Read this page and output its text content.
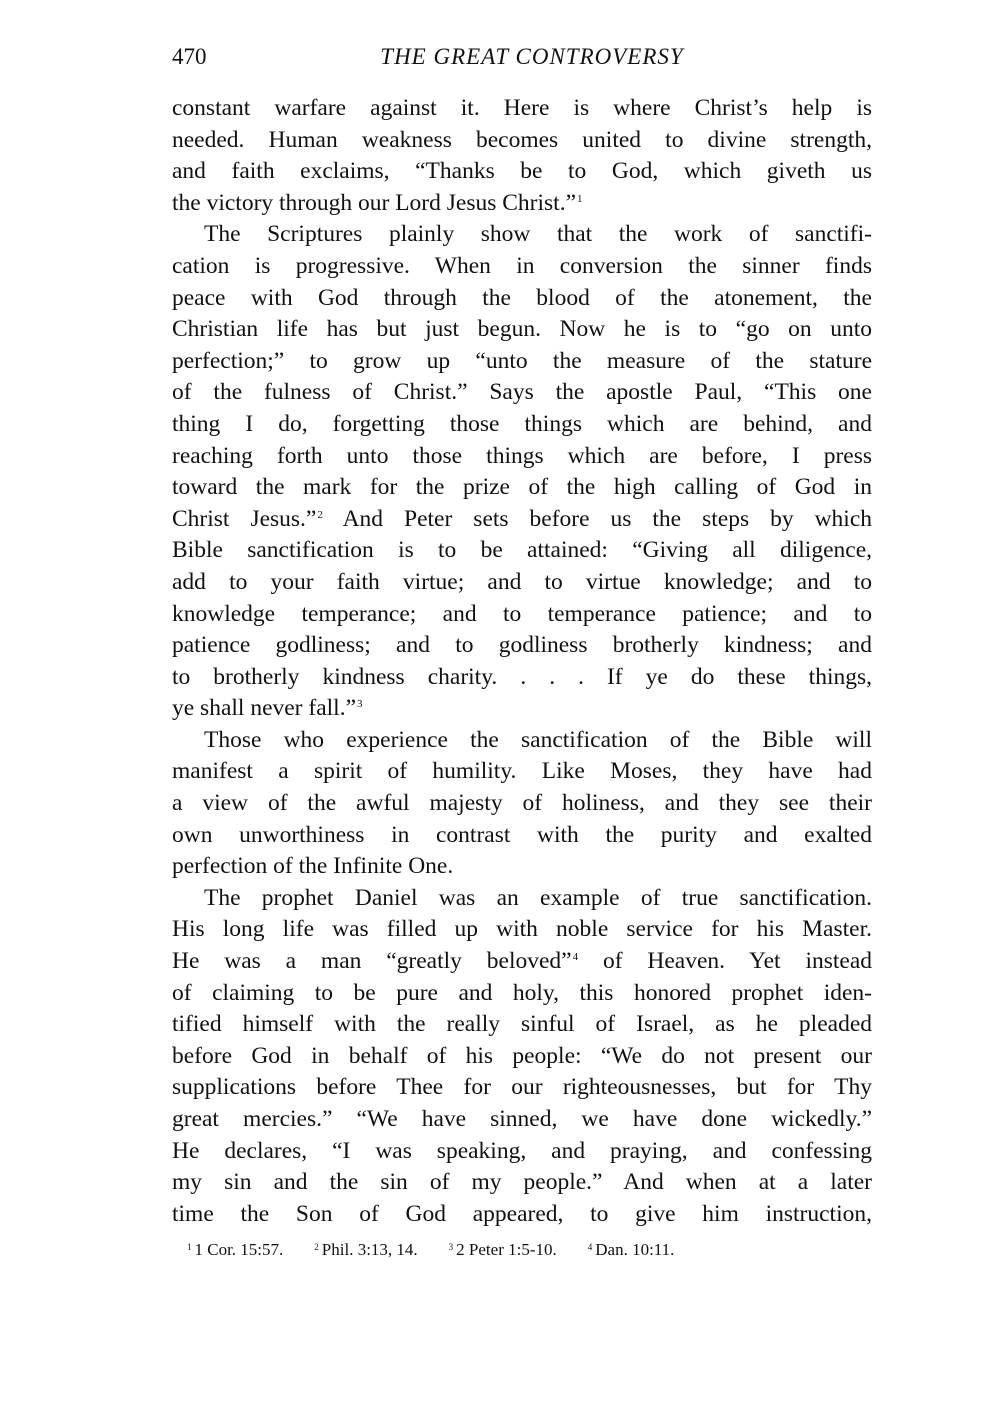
470	THE GREAT CONTROVERSY
constant warfare against it. Here is where Christ’s help is
needed. Human weakness becomes united to divine strength,
and faith exclaims, “Thanks be to God, which giveth us
the victory through our Lord Jesus Christ.”$^1$
The Scriptures plainly show that the work of sanctifi-
cation is progressive. When in conversion the sinner finds
peace with God through the blood of the atonement, the
Christian life has but just begun. Now he is to “go on unto
perfection;” to grow up “unto the measure of the stature
of the fulness of Christ.” Says the apostle Paul, “This one
thing I do, forgetting those things which are behind, and
reaching forth unto those things which are before, I press
toward the mark for the prize of the high calling of God in
Christ Jesus.”$^2$ And Peter sets before us the steps by which
Bible sanctification is to be attained: “Giving all diligence,
add to your faith virtue; and to virtue knowledge; and to
knowledge temperance; and to temperance patience; and to
patience godliness; and to godliness brotherly kindness; and
to brotherly kindness charity. . . . If ye do these things,
ye shall never fall.”$^3$
Those who experience the sanctification of the Bible will
manifest a spirit of humility. Like Moses, they have had
a view of the awful majesty of holiness, and they see their
own unworthiness in contrast with the purity and exalted
perfection of the Infinite One.
The prophet Daniel was an example of true sanctification.
His long life was filled up with noble service for his Master.
He was a man “greatly beloved”$^4$ of Heaven. Yet instead
of claiming to be pure and holy, this honored prophet iden-
tified himself with the really sinful of Israel, as he pleaded
before God in behalf of his people: “We do not present our
supplications before Thee for our righteousnesses, but for Thy
great mercies.” “We have sinned, we have done wickedly.”
He declares, “I was speaking, and praying, and confessing
my sin and the sin of my people.” And when at a later
time the Son of God appeared, to give him instruction,
$^1$ 1 Cor. 15:57.	$^2$ Phil. 3:13, 14.	$^3$ 2 Peter 1:5-10.	$^4$ Dan. 10:11.
